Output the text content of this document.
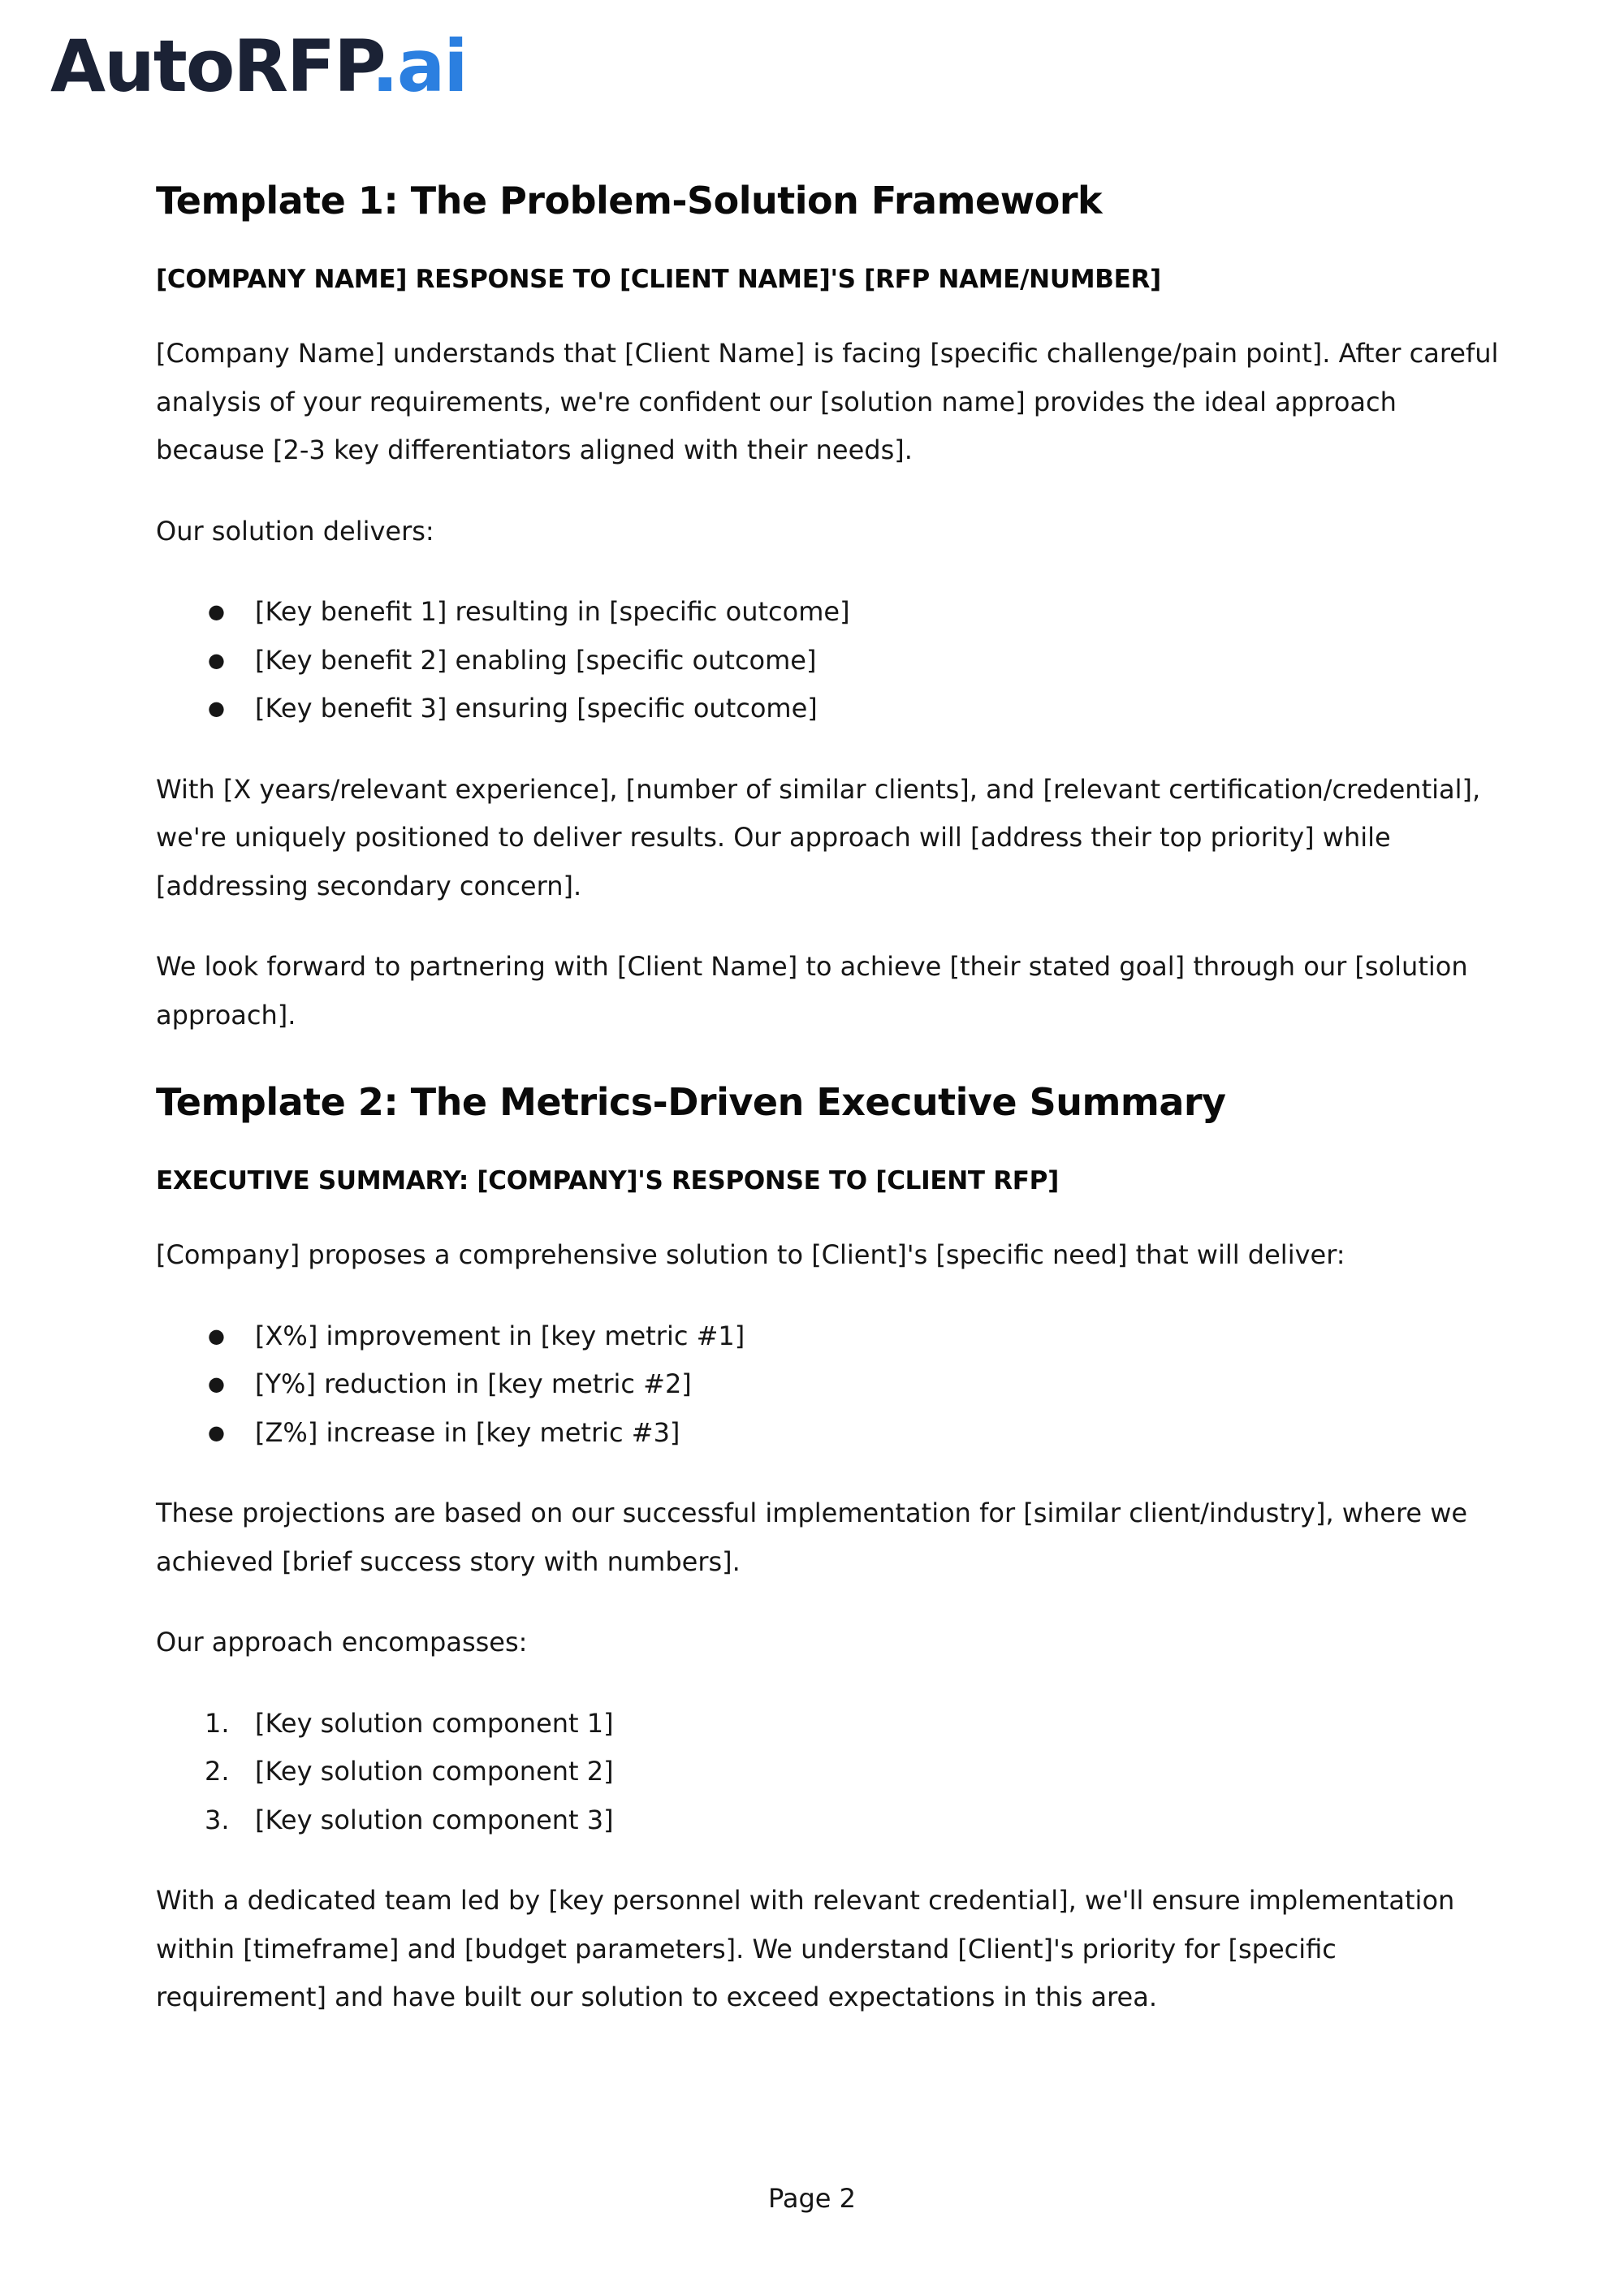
AutoRFP.ai
Template 1: The Problem-Solution Framework
[COMPANY NAME] RESPONSE TO [CLIENT NAME]'S [RFP NAME/NUMBER]

[Company Name] understands that [Client Name] is facing [specific challenge/pain point]. After careful analysis of your requirements, we're confident our [solution name] provides the ideal approach because [2-3 key differentiators aligned with their needs].

Our solution delivers:

● [Key benefit 1] resulting in [specific outcome]
● [Key benefit 2] enabling [specific outcome]
● [Key benefit 3] ensuring [specific outcome]

With [X years/relevant experience], [number of similar clients], and [relevant certification/credential], we're uniquely positioned to deliver results. Our approach will [address their top priority] while [addressing secondary concern].

We look forward to partnering with [Client Name] to achieve [their stated goal] through our [solution approach].

Template 2: The Metrics-Driven Executive Summary
EXECUTIVE SUMMARY: [COMPANY]'S RESPONSE TO [CLIENT RFP]

[Company] proposes a comprehensive solution to [Client]'s [specific need] that will deliver:

● [X%] improvement in [key metric #1]
● [Y%] reduction in [key metric #2]
● [Z%] increase in [key metric #3]

These projections are based on our successful implementation for [similar client/industry], where we achieved [brief success story with numbers].

Our approach encompasses:

1. [Key solution component 1]
2. [Key solution component 2]
3. [Key solution component 3]

With a dedicated team led by [key personnel with relevant credential], we'll ensure implementation within [timeframe] and [budget parameters]. We understand [Client]'s priority for [specific requirement] and have built our solution to exceed expectations in this area.

Page 2
